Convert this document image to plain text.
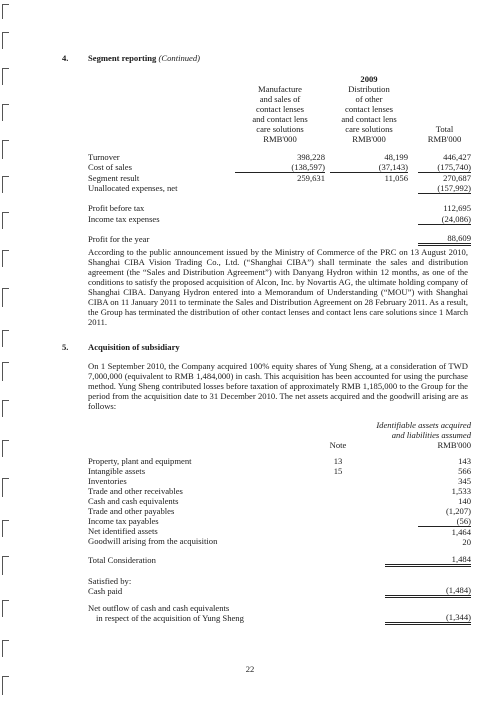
4. Segment reporting (Continued)
2009
Manufacture
and sales of
contact lenses
and contact lens
care solutions
RMB'000
Distribution
of other
contact lenses
and contact lens
care solutions
RMB'000
Total
RMB'000
Turnover	398,228	48,199	446,427
Cost of sales	(138,597)	(37,143)	(175,740)
Segment result	259,631	11,056	270,687
Unallocated expenses, net	(157,992)
Profit before tax	112,695
Income tax expenses	(24,086)
Profit for the year	88,609
According to the public announcement issued by the Ministry of Commerce of the PRC on 13 August 2010, Shanghai CIBA Vision Trading Co., Ltd. (“Shanghai CIBA”) shall terminate the sales and distribution agreement (the “Sales and Distribution Agreement”) with Danyang Hydron within 12 months, as one of the conditions to satisfy the proposed acquisition of Alcon, Inc. by Novartis AG, the ultimate holding company of Shanghai CIBA. Danyang Hydron entered into a Memorandum of Understanding (“MOU”) with Shanghai CIBA on 11 January 2011 to terminate the Sales and Distribution Agreement on 28 February 2011. As a result, the Group has terminated the distribution of other contact lenses and contact lens care solutions since 1 March 2011.
5. Acquisition of subsidiary
On 1 September 2010, the Company acquired 100% equity shares of Yung Sheng, at a consideration of TWD 7,000,000 (equivalent to RMB 1,484,000) in cash. This acquisition has been accounted for using the purchase method. Yung Sheng contributed losses before taxation of approximately RMB 1,185,000 to the Group for the period from the acquisition date to 31 December 2010. The net assets acquired and the goodwill arising are as follows:
Identifiable assets acquired
and liabilities assumed
Note	RMB'000
Property, plant and equipment	13	143
Intangible assets	15	566
Inventories	345
Trade and other receivables	1,533
Cash and cash equivalents	140
Trade and other payables	(1,207)
Income tax payables	(56)
Net identified assets	1,464
Goodwill arising from the acquisition	20
Total Consideration	1,484
Satisfied by:
Cash paid	(1,484)
Net outflow of cash and cash equivalents
in respect of the acquisition of Yung Sheng	(1,344)
22
